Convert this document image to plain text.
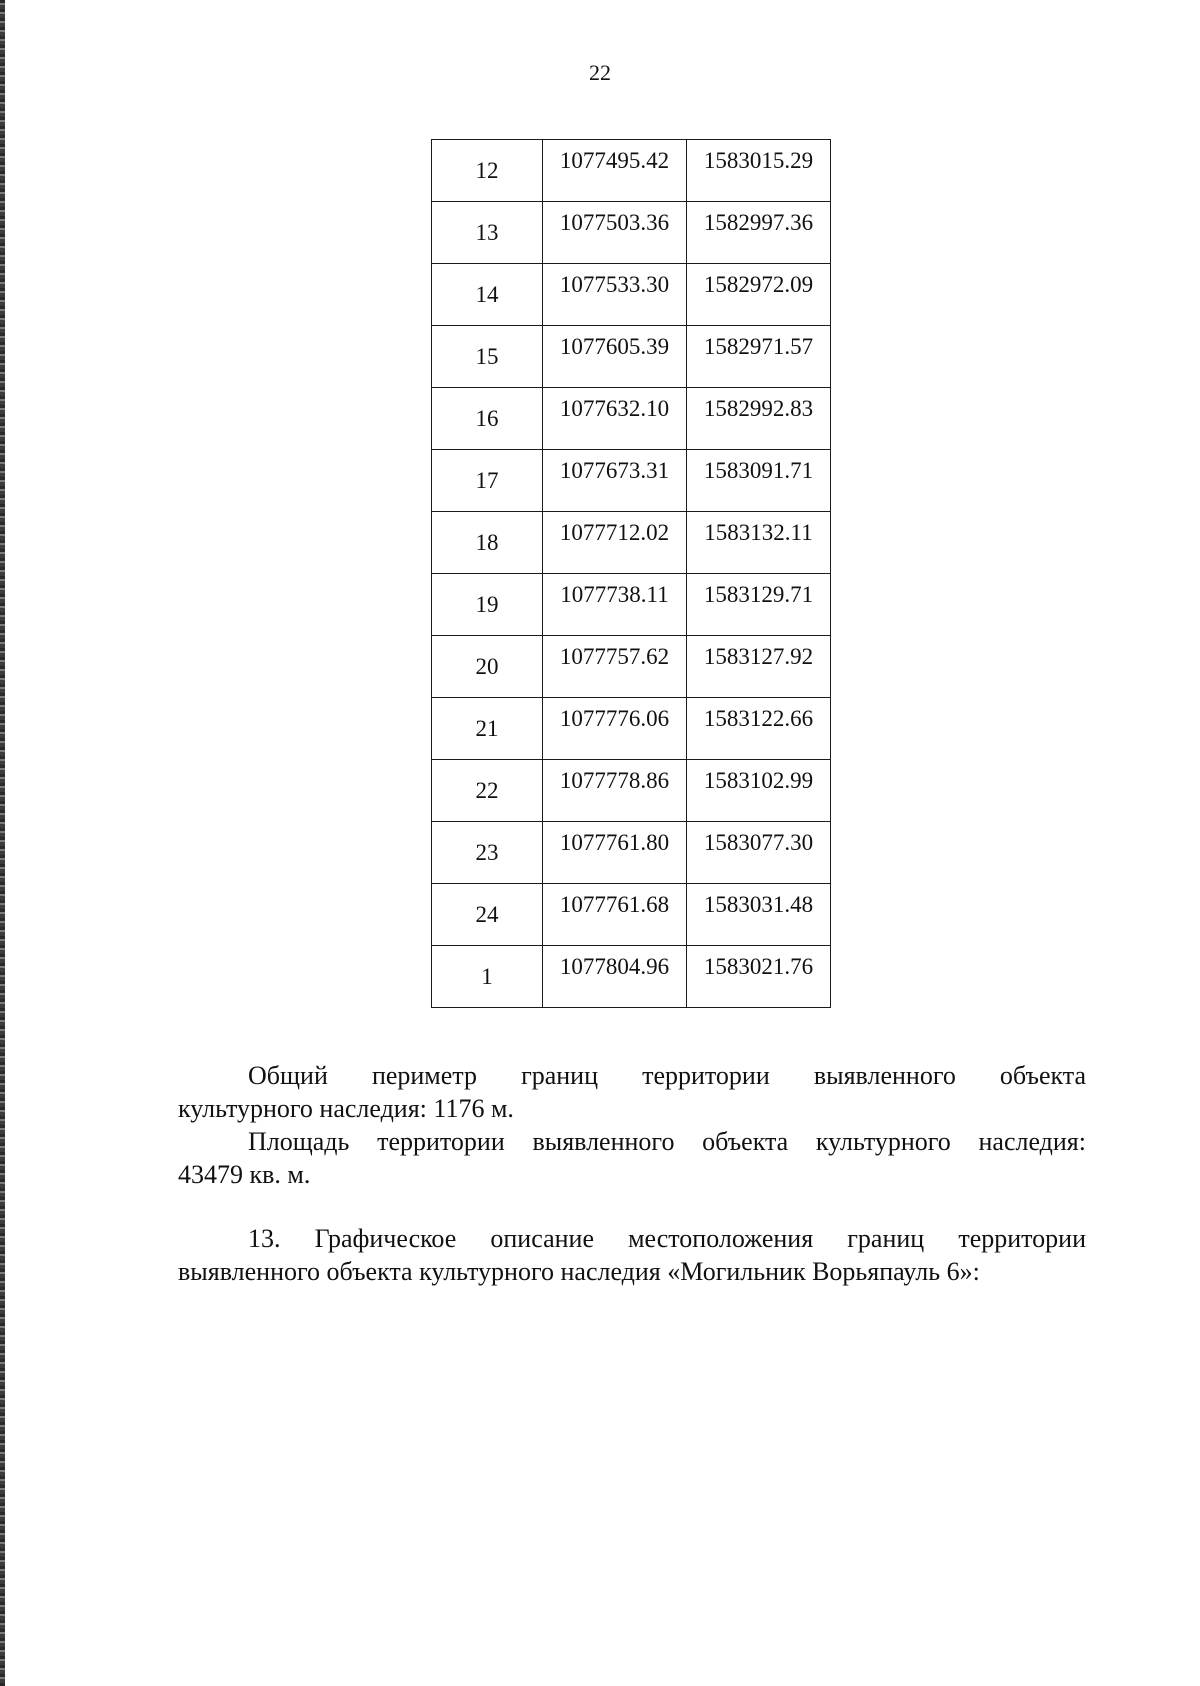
22
12	1077495.42	1583015.29
13	1077503.36	1582997.36
14	1077533.30	1582972.09
15	1077605.39	1582971.57
16	1077632.10	1582992.83
17	1077673.31	1583091.71
18	1077712.02	1583132.11
19	1077738.11	1583129.71
20	1077757.62	1583127.92
21	1077776.06	1583122.66
22	1077778.86	1583102.99
23	1077761.80	1583077.30
24	1077761.68	1583031.48
1	1077804.96	1583021.76

Общий периметр границ территории выявленного объекта

культурного наследия: 1176 м.

Площадь территории выявленного объекта культурного наследия:

43479 кв. м.

13. Графическое описание местоположения границ территории

выявленного объекта культурного наследия «Могильник Ворьяпауль 6»:
